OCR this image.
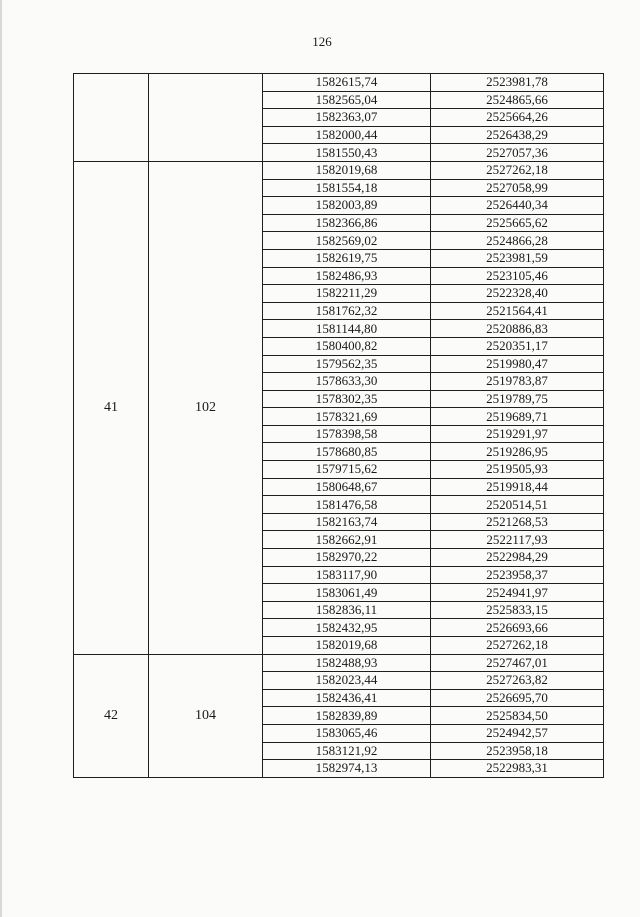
126
		1582615,74	2523981,78
		1582565,04	2524865,66
		1582363,07	2525664,26
		1582000,44	2526438,29
		1581550,43	2527057,36
41	102	1582019,68	2527262,18
		1581554,18	2527058,99
		1582003,89	2526440,34
		1582366,86	2525665,62
		1582569,02	2524866,28
		1582619,75	2523981,59
		1582486,93	2523105,46
		1582211,29	2522328,40
		1581762,32	2521564,41
		1581144,80	2520886,83
		1580400,82	2520351,17
		1579562,35	2519980,47
		1578633,30	2519783,87
		1578302,35	2519789,75
		1578321,69	2519689,71
		1578398,58	2519291,97
		1578680,85	2519286,95
		1579715,62	2519505,93
		1580648,67	2519918,44
		1581476,58	2520514,51
		1582163,74	2521268,53
		1582662,91	2522117,93
		1582970,22	2522984,29
		1583117,90	2523958,37
		1583061,49	2524941,97
		1582836,11	2525833,15
		1582432,95	2526693,66
		1582019,68	2527262,18
42	104	1582488,93	2527467,01
		1582023,44	2527263,82
		1582436,41	2526695,70
		1582839,89	2525834,50
		1583065,46	2524942,57
		1583121,92	2523958,18
		1582974,13	2522983,31
